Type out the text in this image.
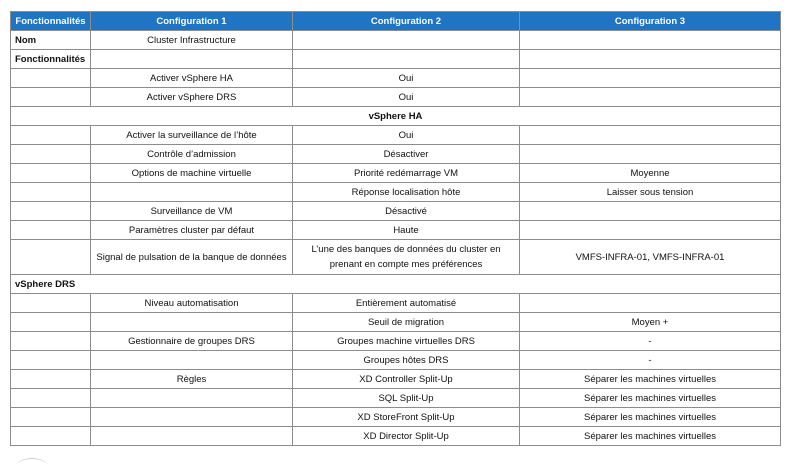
Fonctionnalités	Configuration 1	Configuration 2	Configuration 3
Nom	Cluster Infrastructure		
Fonctionnalités			
	Activer vSphere HA	Oui	
	Activer vSphere DRS	Oui	
vSphere HA			
	Activer la surveillance de l’hôte	Oui	
	Contrôle d’admission	Désactiver	
	Options de machine virtuelle	Priorité redémarrage VM	Moyenne
		Réponse localisation hôte	Laisser sous tension
	Surveillance de VM	Désactivé	
	Paramètres cluster par défaut	Haute	
	Signal de pulsation de la banque de données	L’une des banques de données du cluster en prenant en compte mes préférences	VMFS-INFRA-01, VMFS-INFRA-01
vSphere DRS			
	Niveau automatisation	Entièrement automatisé	
		Seuil de migration	Moyen +
	Gestionnaire de groupes DRS	Groupes machine virtuelles DRS	-
		Groupes hôtes DRS	-
	Règles	XD Controller Split-Up	Séparer les machines virtuelles
		SQL Split-Up	Séparer les machines virtuelles
		XD StoreFront Split-Up	Séparer les machines virtuelles
		XD Director Split-Up	Séparer les machines virtuelles
